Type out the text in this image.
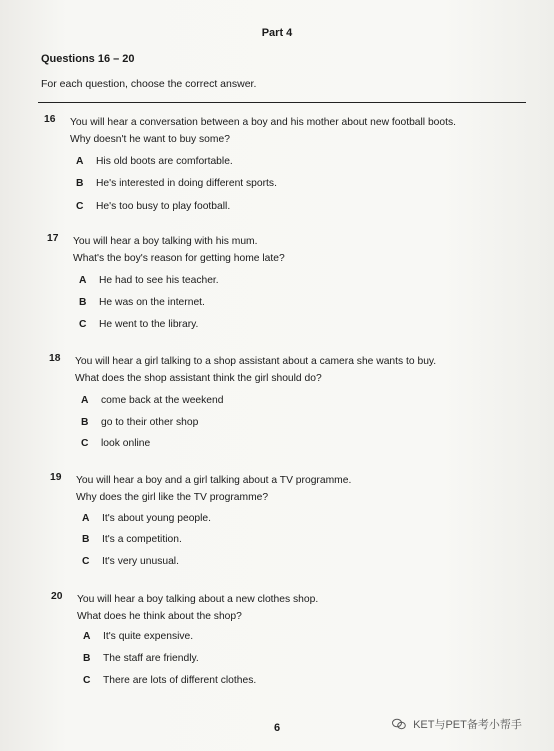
Part 4
Questions 16 – 20
For each question, choose the correct answer.
16	You will hear a conversation between a boy and his mother about new football boots.
Why doesn't he want to buy some?
A His old boots are comfortable.
B He's interested in doing different sports.
C He's too busy to play football.
17	You will hear a boy talking with his mum.
What's the boy's reason for getting home late?
A He had to see his teacher.
B He was on the internet.
C He went to the library.
18	You will hear a girl talking to a shop assistant about a camera she wants to buy.
What does the shop assistant think the girl should do?
A come back at the weekend
B go to their other shop
C look online
19	You will hear a boy and a girl talking about a TV programme.
Why does the girl like the TV programme?
A It's about young people.
B It's a competition.
C It's very unusual.
20	You will hear a boy talking about a new clothes shop.
What does he think about the shop?
A It's quite expensive.
B The staff are friendly.
C There are lots of different clothes.
6	KET与PET备考小帮手
